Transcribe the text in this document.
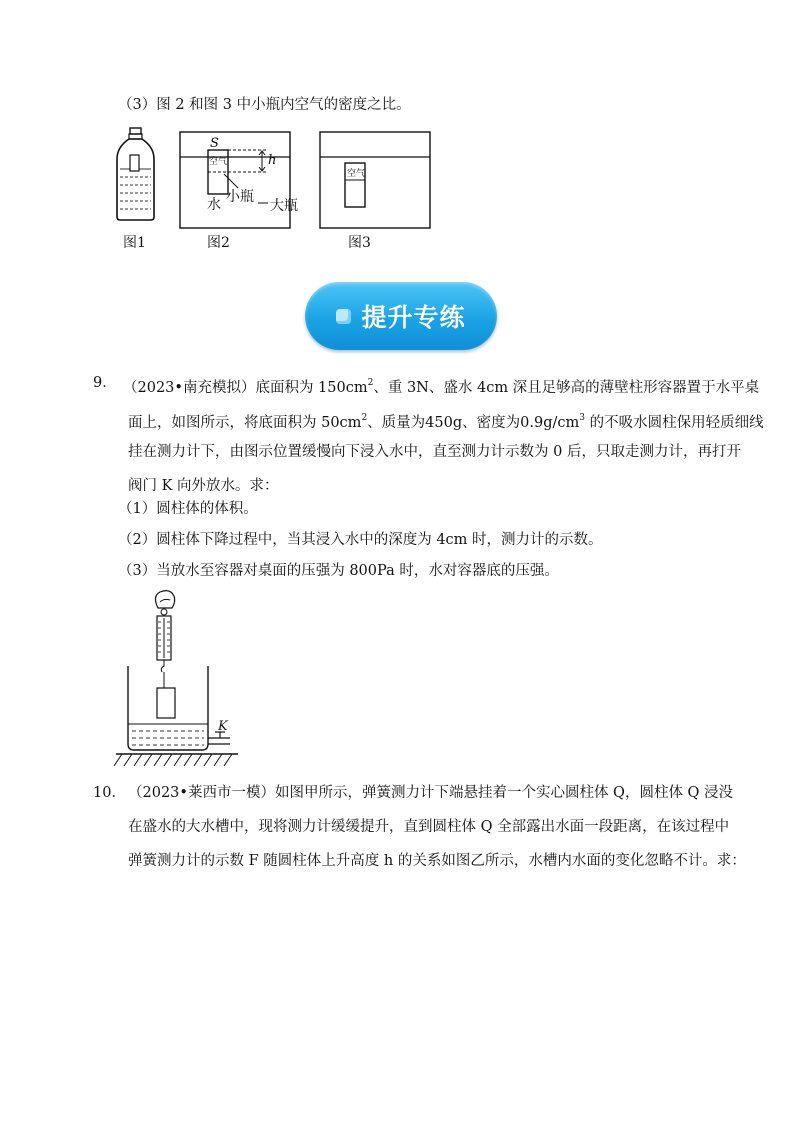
（3）图 2 和图 3 中小瓶内空气的密度之比。
图1
S
h
空气
水 小瓶
大瓶
图2
空气
图3
提升专练
9． （2023•南充模拟）底面积为 $150cm^2$、重 3N、盛水 4cm 深且足够高的薄壁柱形容器置于水平桌
面上，如图所示，将底面积为 $50cm^2$、质量为450g、密度为$0.9g/cm^3$ 的不吸水圆柱保用轻质细线
挂在测力计下，由图示位置缓慢向下浸入水中，直至测力计示数为 0 后，只取走测力计，再打开
阀门 K 向外放水。求：
（1）圆柱体的体积。
（2）圆柱体下降过程中，当其浸入水中的深度为 4cm 时，测力计的示数。
（3）当放水至容器对桌面的压强为 800Pa 时，水对容器底的压强。
K
10． （2023•莱西市一模）如图甲所示，弹簧测力计下端悬挂着一个实心圆柱体 Q，圆柱体 Q 浸没
在盛水的大水槽中，现将测力计缓缓提升，直到圆柱体 Q 全部露出水面一段距离，在该过程中
弹簧测力计的示数 F 随圆柱体上升高度 h 的关系如图乙所示，水槽内水面的变化忽略不计。求：
